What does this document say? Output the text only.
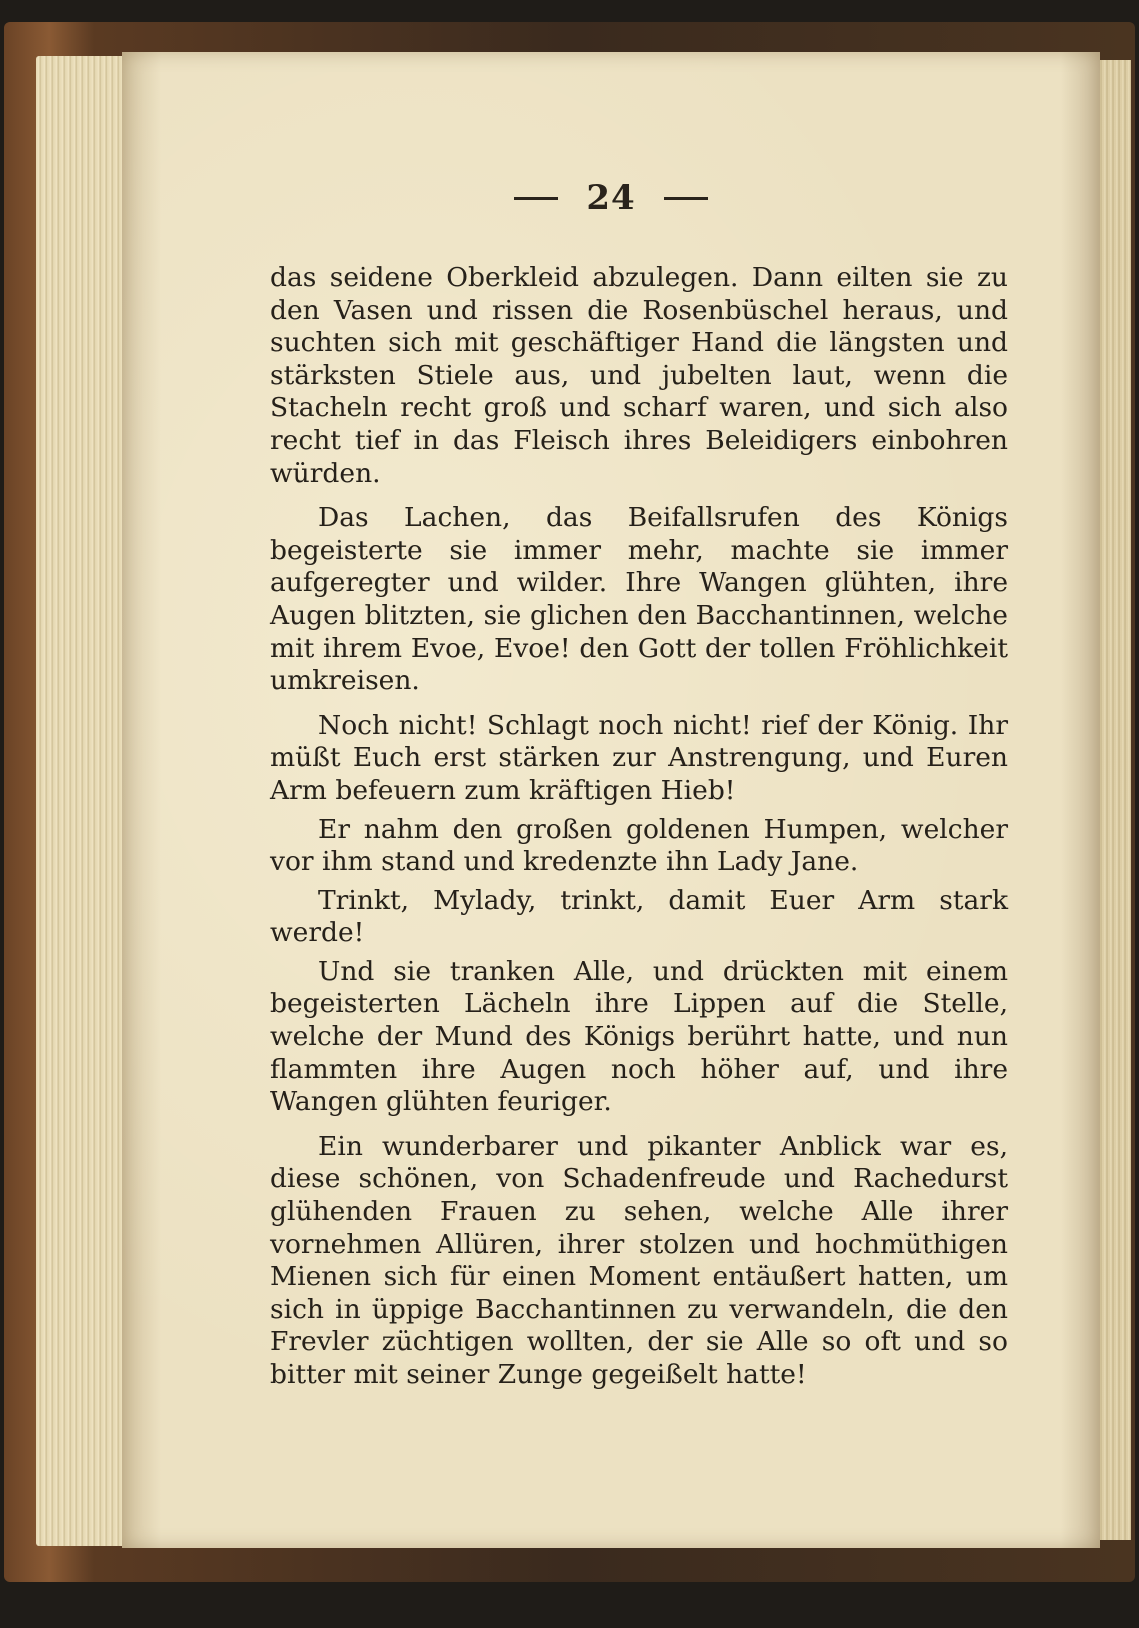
24

das seidene Oberkleid abzulegen. Dann eilten sie zu den Vasen und rissen die Rosenbüschel heraus, und suchten sich mit geschäftiger Hand die längsten und stärksten Stiele aus, und jubelten laut, wenn die Stacheln recht groß und scharf waren, und sich also recht tief in das Fleisch ihres Beleidigers einbohren würden.

Das Lachen, das Beifallsrufen des Königs begeisterte sie immer mehr, machte sie immer aufgeregter und wilder. Ihre Wangen glühten, ihre Augen blitzten, sie glichen den Bacchantinnen, welche mit ihrem Evoe, Evoe! den Gott der tollen Fröhlichkeit umkreisen.

Noch nicht! Schlagt noch nicht! rief der König. Ihr müßt Euch erst stärken zur Anstrengung, und Euren Arm befeuern zum kräftigen Hieb!

Er nahm den großen goldenen Humpen, welcher vor ihm stand und kredenzte ihn Lady Jane.

Trinkt, Mylady, trinkt, damit Euer Arm stark werde!

Und sie tranken Alle, und drückten mit einem begeisterten Lächeln ihre Lippen auf die Stelle, welche der Mund des Königs berührt hatte, und nun flammten ihre Augen noch höher auf, und ihre Wangen glühten feuriger.

Ein wunderbarer und pikanter Anblick war es, diese schönen, von Schadenfreude und Rachedurst glühenden Frauen zu sehen, welche Alle ihrer vornehmen Allüren, ihrer stolzen und hochmüthigen Mienen sich für einen Moment entäußert hatten, um sich in üppige Bacchantinnen zu verwandeln, die den Frevler züchtigen wollten, der sie Alle so oft und so bitter mit seiner Zunge gegeißelt hatte!
